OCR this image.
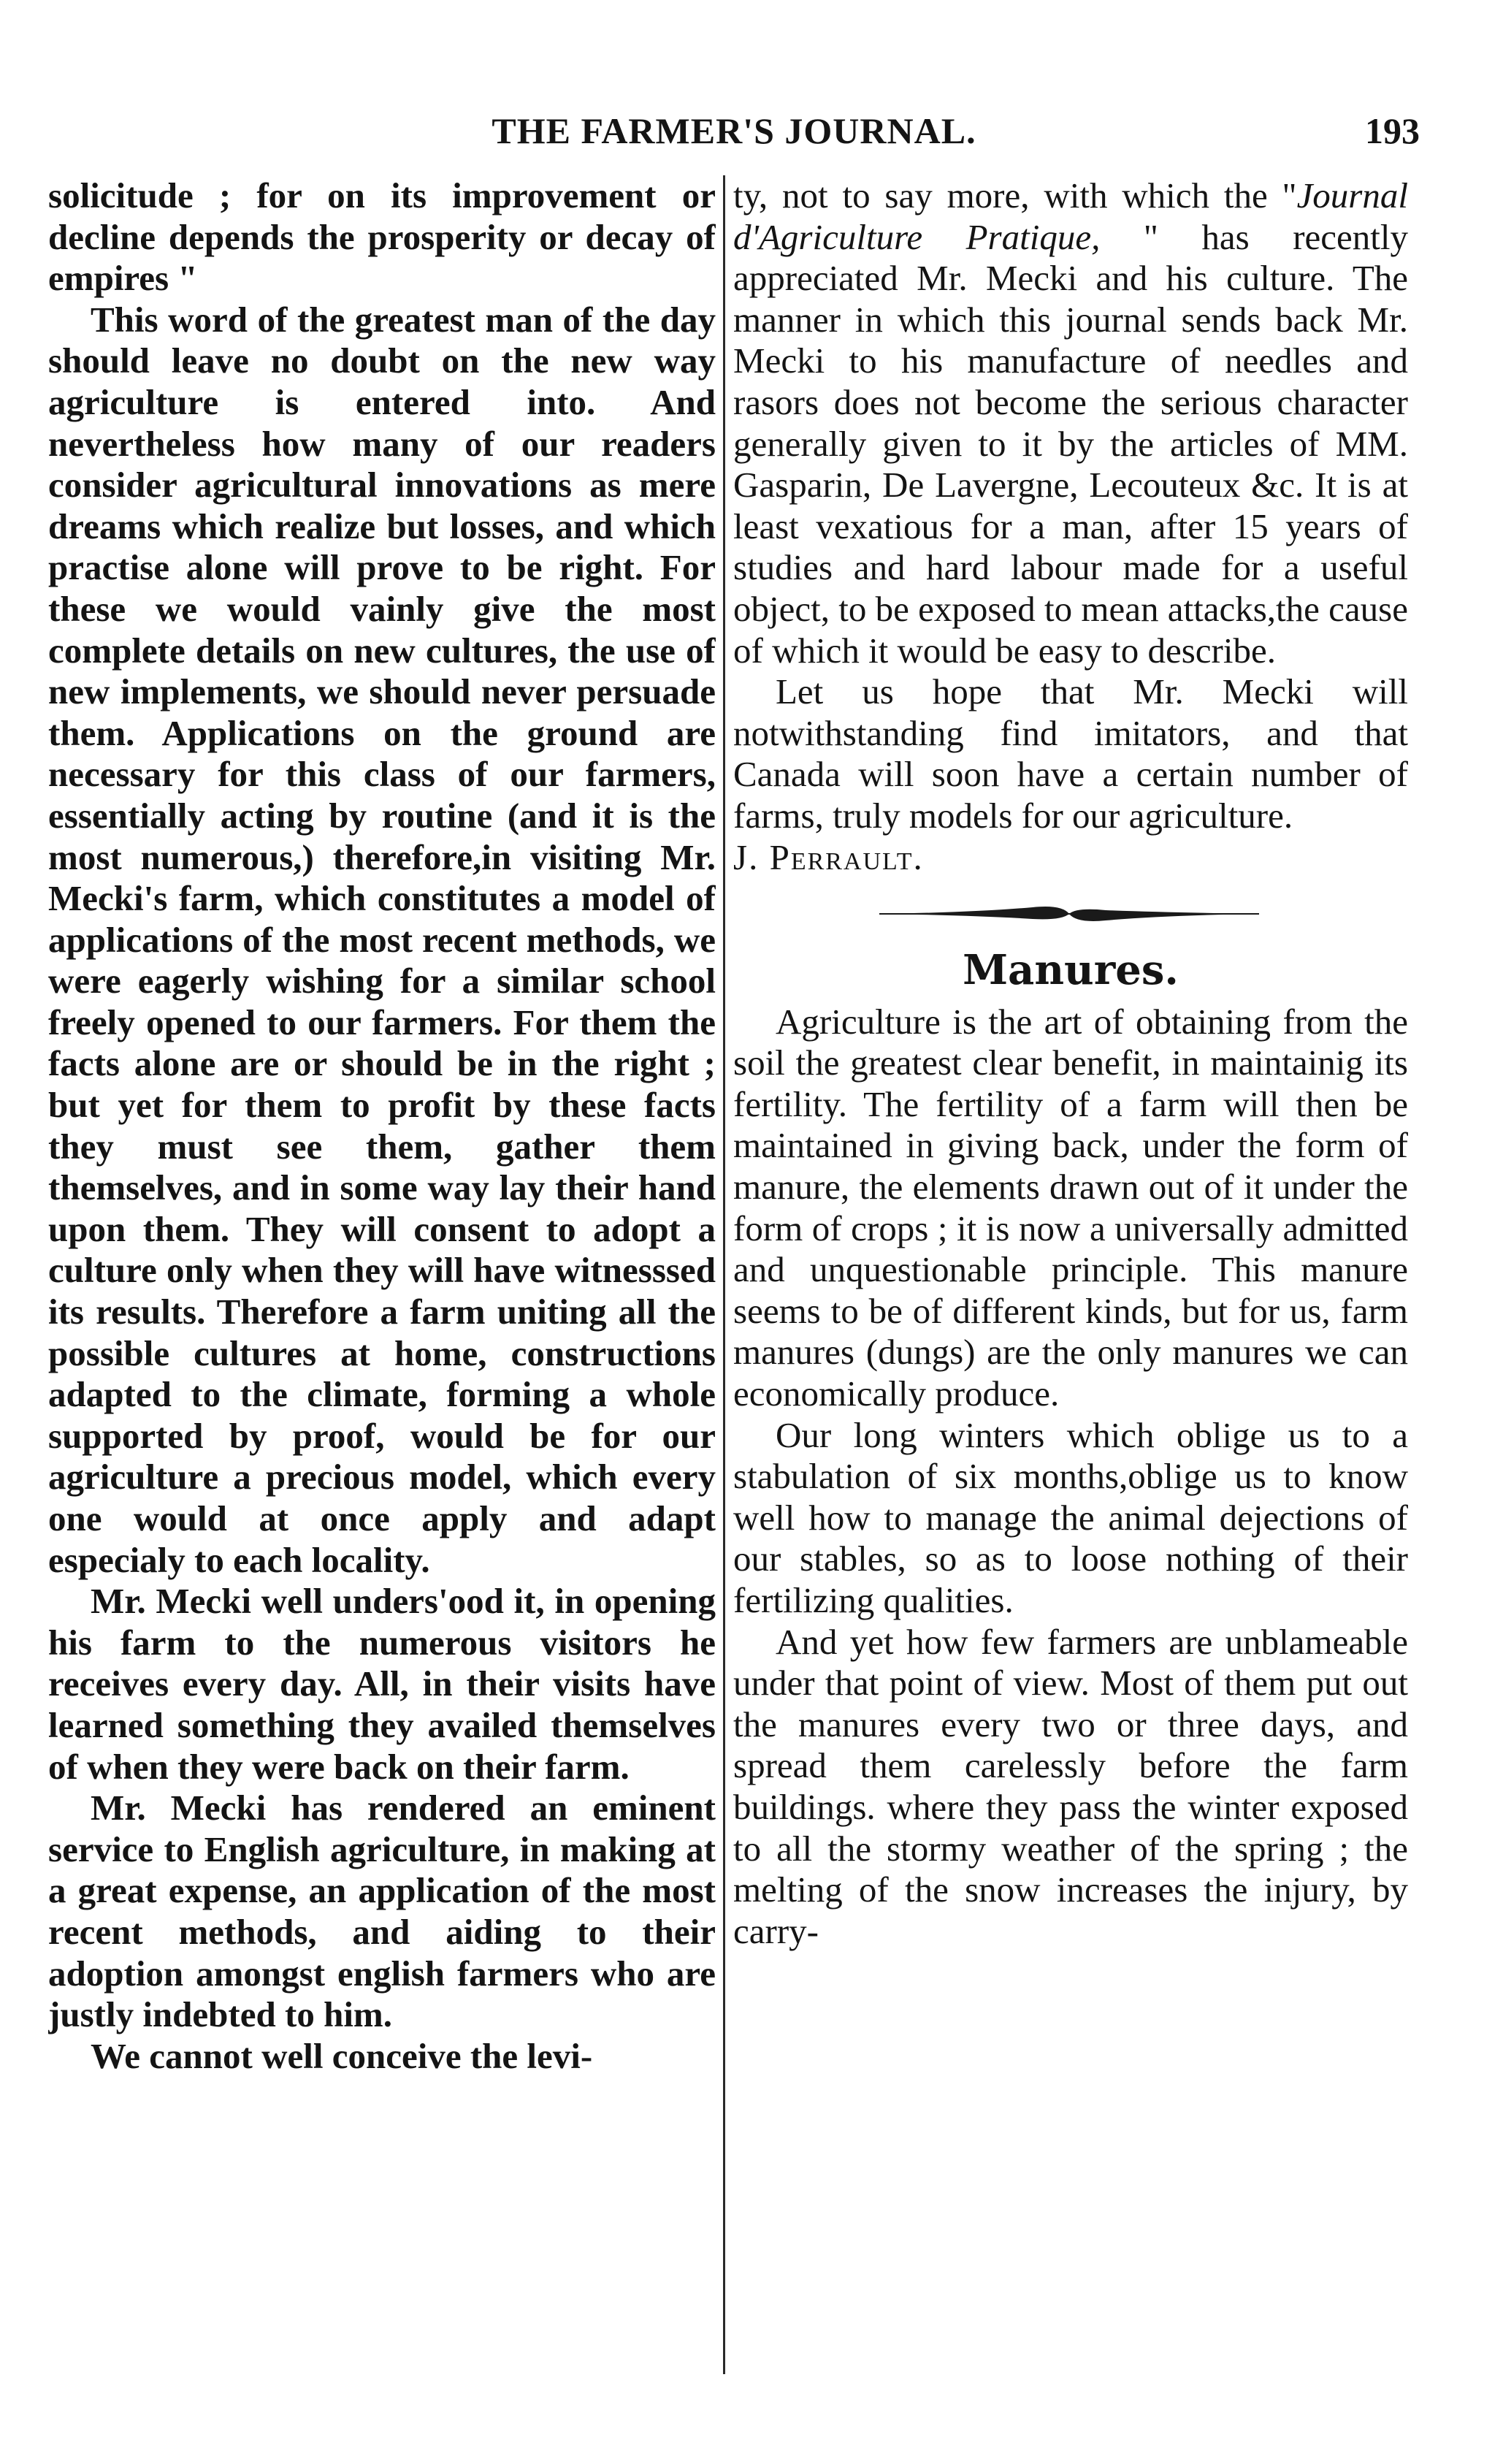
THE FARMER'S JOURNAL.	193

solicitude ; for on its improvement or decline depends the prosperity or decay of empires "

This word of the greatest man of the day should leave no doubt on the new way agriculture is entered into. And nevertheless how many of our readers consider agricultural innovations as mere dreams which realize but losses, and which practise alone will prove to be right. For these we would vainly give the most complete details on new cultures, the use of new implements, we should never persuade them. Applications on the ground are necessary for this class of our farmers, essentially acting by routine (and it is the most numerous,) therefore,in visiting Mr. Mecki's farm, which constitutes a model of applications of the most recent methods, we were eagerly wishing for a similar school freely opened to our farmers. For them the facts alone are or should be in the right ; but yet for them to profit by these facts they must see them, gather them themselves, and in some way lay their hand upon them. They will consent to adopt a culture only when they will have witnesssed its results. Therefore a farm uniting all the possible cultures at home, constructions adapted to the climate, forming a whole supported by proof, would be for our agriculture a precious model, which every one would at once apply and adapt especialy to each locality.

Mr. Mecki well unders'ood it, in opening his farm to the numerous visitors he receives every day. All, in their visits have learned something they availed themselves of when they were back on their farm.

Mr. Mecki has rendered an eminent service to English agriculture, in making at a great expense, an application of the most recent methods, and aiding to their adoption amongst english farmers who are justly indebted to him.

We cannot well conceive the levi-

ty, not to say more, with which the "Journal d'Agriculture Pratique, " has recently appreciated Mr. Mecki and his culture. The manner in which this journal sends back Mr. Mecki to his manufacture of needles and rasors does not become the serious character generally given to it by the articles of MM. Gasparin, De Lavergne, Lecouteux &c. It is at least vexatious for a man, after 15 years of studies and hard labour made for a useful object, to be exposed to mean attacks,the cause of which it would be easy to describe.

Let us hope that Mr. Mecki will notwithstanding find imitators, and that Canada will soon have a certain number of farms, truly models for our agriculture.

J. Perrault.

Manures.

Agriculture is the art of obtaining from the soil the greatest clear benefit, in maintainig its fertility. The fertility of a farm will then be maintained in giving back, under the form of manure, the elements drawn out of it under the form of crops ; it is now a universally admitted and unquestionable principle. This manure seems to be of different kinds, but for us, farm manures (dungs) are the only manures we can economically produce.

Our long winters which oblige us to a stabulation of six months,oblige us to know well how to manage the animal dejections of our stables, so as to loose nothing of their fertilizing qualities.

And yet how few farmers are unblameable under that point of view. Most of them put out the manures every two or three days, and spread them carelessly before the farm buildings. where they pass the winter exposed to all the stormy weather of the spring ; the melting of the snow increases the injury, by carry-
